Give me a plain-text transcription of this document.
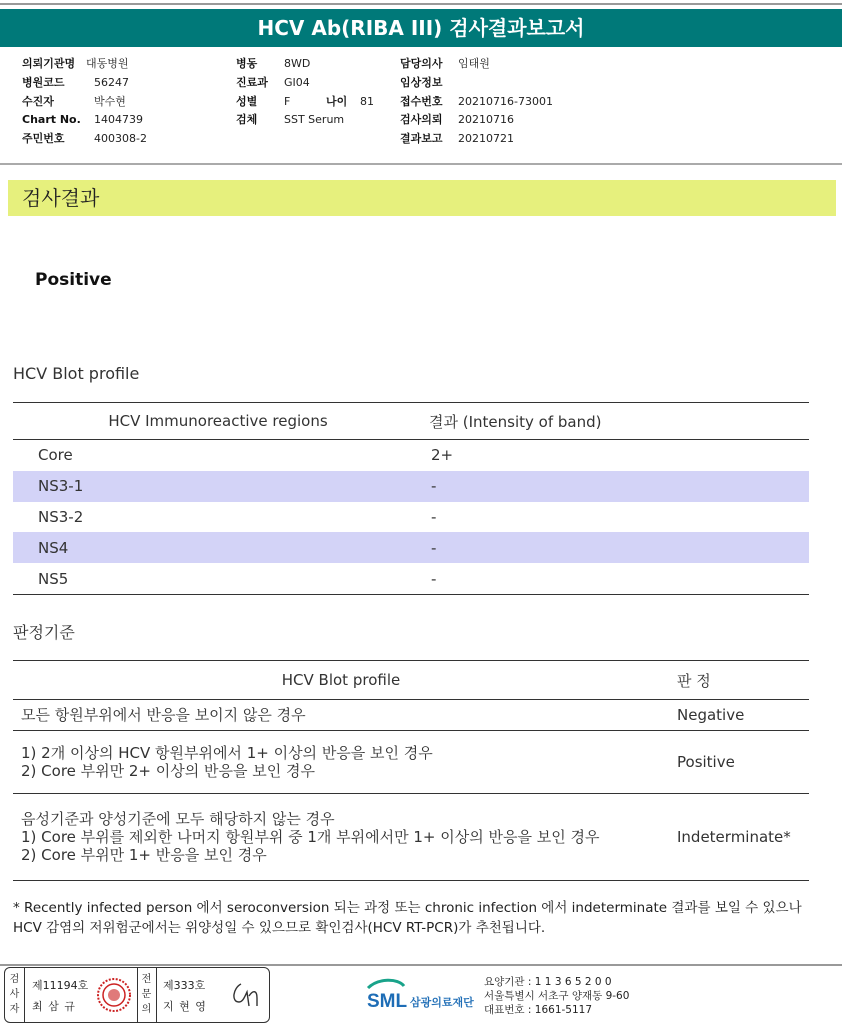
HCV Ab(RIBA III) 검사결과보고서
의뢰기관명 대동병원
병원코드	56247
수진자	박수현
Chart No. 1404739
주민번호	400308-2
병동 8WD
진료과 GI04
성별 F	나이 81
검체 SST Serum
담당의사 임태원
임상정보
접수번호 20210716-73001
검사의뢰 20210716
결과보고 20210721
검사결과
Positive
HCV Blot profile
HCV Immunoreactive regions	결과 (Intensity of band)
Core	2+
NS3-1	-
NS3-2	-
NS4	-
NS5	-
판정기준
HCV Blot profile	판 정

모든 항원부위에서 반응을 보이지 않은 경우	Negative

1) 2개 이상의 HCV 항원부위에서 1+ 이상의 반응을 보인 경우
2) Core 부위만 2+ 이상의 반응을 보인 경우	Positive

음성기준과 양성기준에 모두 해당하지 않는 경우
1) Core 부위를 제외한 나머지 항원부위 중 1개 부위에서만 1+ 이상의 반응을 보인 경우
2) Core 부위만 1+ 반응을 보인 경우	Indeterminate*
* Recently infected person 에서 seroconversion 되는 과정 또는 chronic infection 에서 indeterminate 결과를 보일 수 있으나 HCV 감염의 저위험군에서는 위양성일 수 있으므로 확인검사(HCV RT-PCR)가 추천됩니다.
검사자
제11194호
최 삼 규
전문의
제333호
지 현 영	SML 삼광의료재단
요양기관 : 1 1 3 6 5 2 0 0
서울특별시 서초구 양재동 9-60
대표번호 : 1661-5117
